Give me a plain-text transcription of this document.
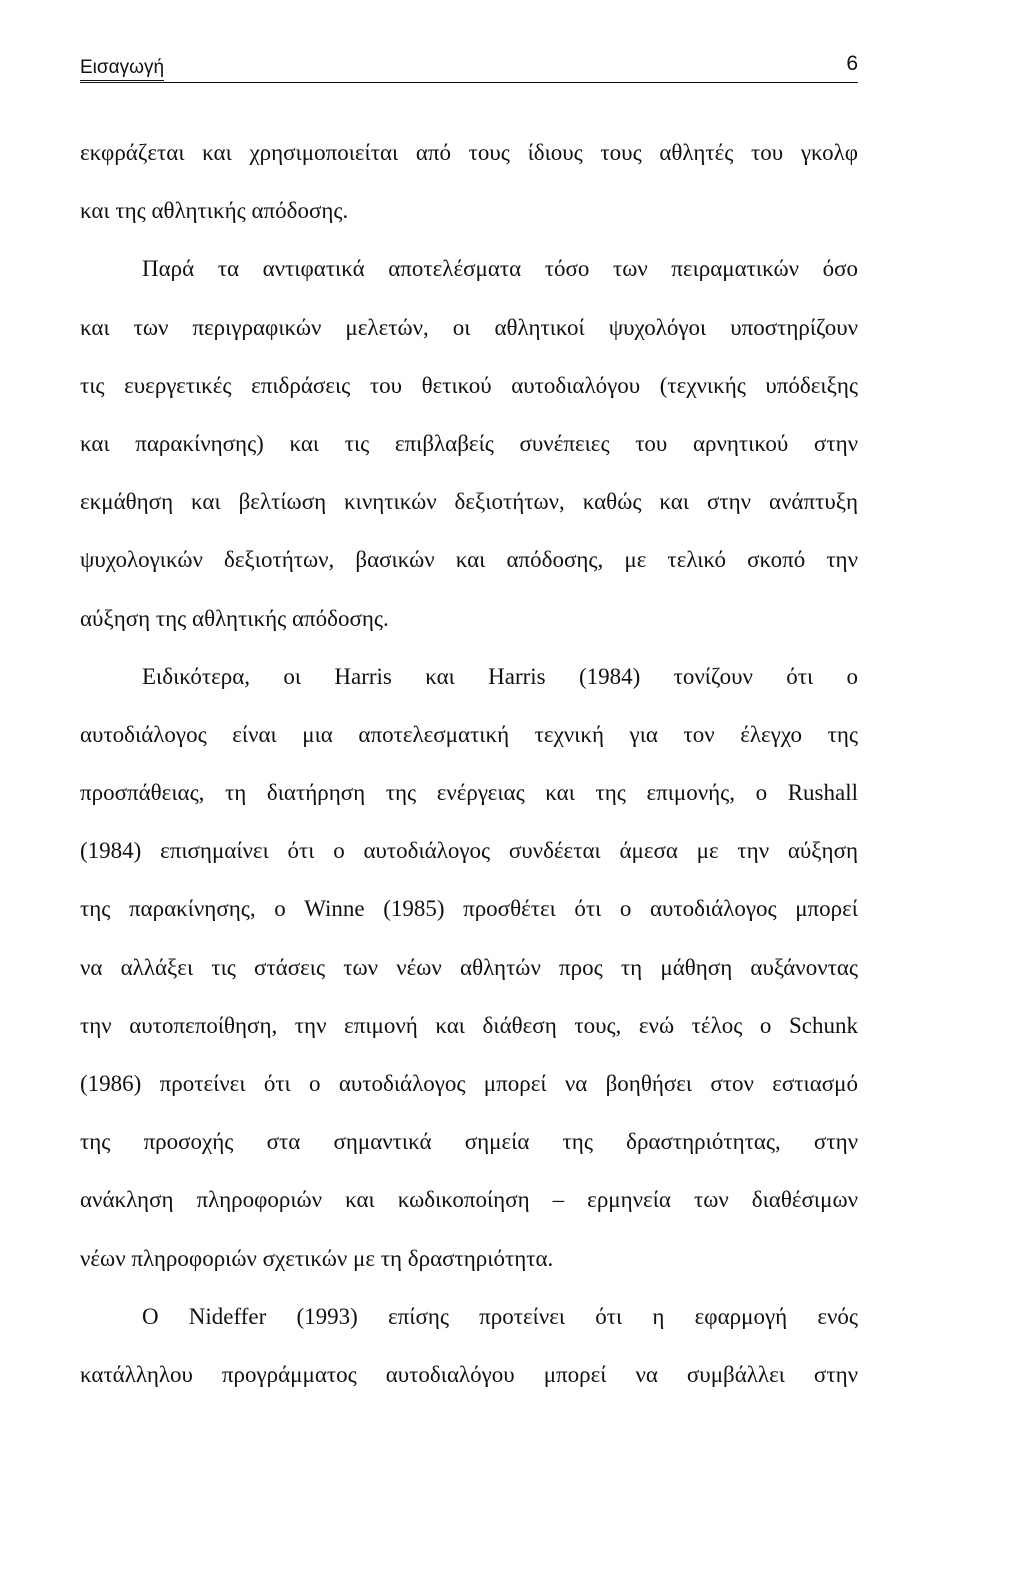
Εισαγωγή	6
εκφράζεται και χρησιμοποιείται από τους ίδιους τους αθλητές του γκολφ
και της αθλητικής απόδοσης.
Παρά τα αντιφατικά αποτελέσματα τόσο των πειραματικών όσο
και των περιγραφικών μελετών, οι αθλητικοί ψυχολόγοι υποστηρίζουν
τις ευεργετικές επιδράσεις του θετικού αυτοδιαλόγου (τεχνικής υπόδειξης
και παρακίνησης) και τις επιβλαβείς συνέπειες του αρνητικού στην
εκμάθηση και βελτίωση κινητικών δεξιοτήτων, καθώς και στην ανάπτυξη
ψυχολογικών δεξιοτήτων, βασικών και απόδοσης, με τελικό σκοπό την
αύξηση της αθλητικής απόδοσης.
Ειδικότερα, οι Harris και Harris (1984) τονίζουν ότι ο
αυτοδιάλογος είναι μια αποτελεσματική τεχνική για τον έλεγχο της
προσπάθειας, τη διατήρηση της ενέργειας και της επιμονής, ο Rushall
(1984) επισημαίνει ότι ο αυτοδιάλογος συνδέεται άμεσα με την αύξηση
της παρακίνησης, ο Winne (1985) προσθέτει ότι ο αυτοδιάλογος μπορεί
να αλλάξει τις στάσεις των νέων αθλητών προς τη μάθηση αυξάνοντας
την αυτοπεποίθηση, την επιμονή και διάθεση τους, ενώ τέλος ο Schunk
(1986) προτείνει ότι ο αυτοδιάλογος μπορεί να βοηθήσει στον εστιασμό
της προσοχής στα σημαντικά σημεία της δραστηριότητας, στην
ανάκληση πληροφοριών και κωδικοποίηση – ερμηνεία των διαθέσιμων
νέων πληροφοριών σχετικών με τη δραστηριότητα.
Ο Nideffer (1993) επίσης προτείνει ότι η εφαρμογή ενός
κατάλληλου προγράμματος αυτοδιαλόγου μπορεί να συμβάλλει στην
